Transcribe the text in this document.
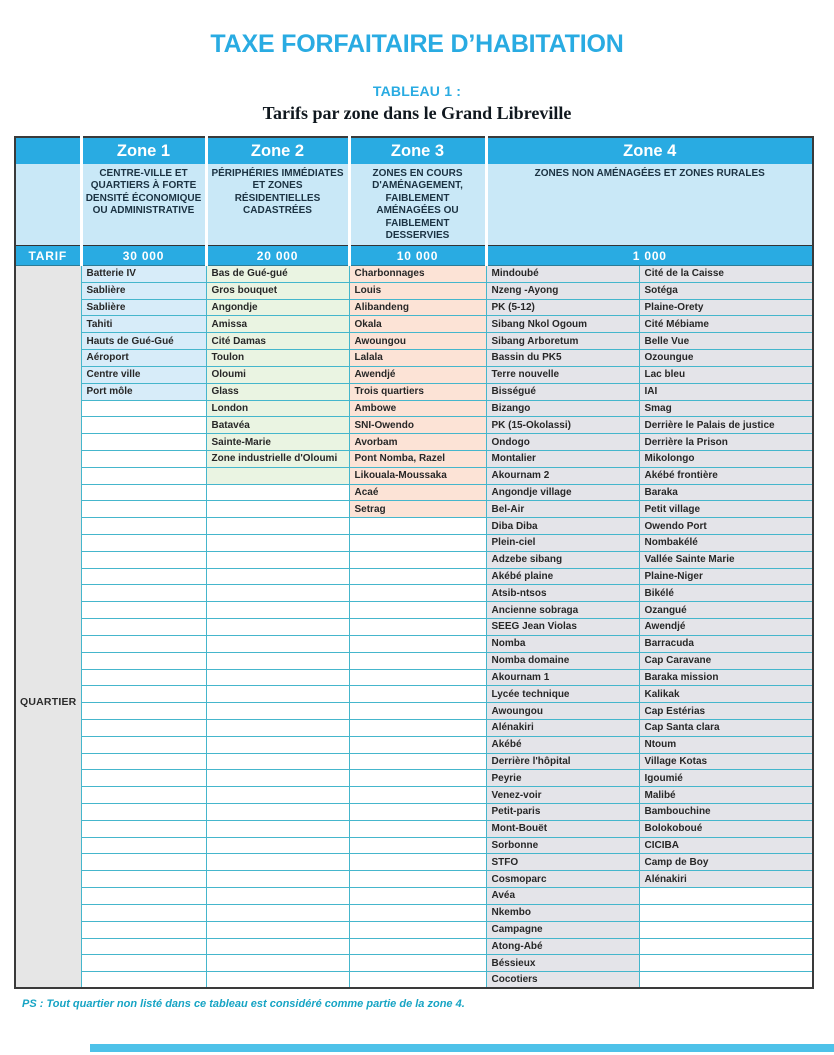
TAXE FORFAITAIRE D’HABITATION
TABLEAU 1 :
Tarifs par zone dans le Grand Libreville
	Zone 1	Zone 2	Zone 3	Zone 4	
	CENTRE-VILLE ET QUARTIERS À FORTE DENSITÉ ÉCONOMIQUE OU ADMINISTRATIVE	PÉRIPHÉRIES IMMÉDIATES ET ZONES RÉSIDENTIELLES CADASTRÉES	ZONES EN COURS D'AMÉNAGEMENT, FAIBLEMENT AMÉNAGÉES OU FAIBLEMENT DESSERVIES	ZONES NON AMÉNAGÉES ET ZONES RURALES	
TARIF	30 000	20 000	10 000	1 000	

QUARTIER	Batterie IV	Bas de Gué-gué	Charbonnages	Mindoubé	Cité de la Caisse
	Sablière	Gros bouquet	Louis	Nzeng -Ayong	Sotéga
	Sablière	Angondje	Alibandeng	PK (5-12)	Plaine-Orety
	Tahiti	Amissa	Okala	Sibang Nkol Ogoum	Cité Mébiame
	Hauts de Gué-Gué	Cité Damas	Awoungou	Sibang Arboretum	Belle Vue
	Aéroport	Toulon	Lalala	Bassin du PK5	Ozoungue
	Centre ville	Oloumi	Awendjé	Terre nouvelle	Lac bleu
	Port môle	Glass	Trois quartiers	Bisségué	IAI
		London	Ambowe	Bizango	Smag
		Batavéa	SNI-Owendo	PK (15-Okolassi)	Derrière le Palais de justice
		Sainte-Marie	Avorbam	Ondogo	Derrière la Prison
		Zone industrielle d'Oloumi	Pont Nomba, Razel	Montalier	Mikolongo
			Likouala-Moussaka	Akournam 2	Akébé frontière
			Acaé	Angondje village	Baraka
			Setrag	Bel-Air	Petit village
				Diba Diba	Owendo Port
				Plein-ciel	Nombakélé
				Adzebe sibang	Vallée Sainte Marie
				Akébé plaine	Plaine-Niger
				Atsib-ntsos	Bikélé
				Ancienne sobraga	Ozangué
				SEEG Jean Violas	Awendjé
				Nomba	Barracuda
				Nomba domaine	Cap Caravane
				Akournam 1	Baraka mission
				Lycée technique	Kalikak
				Awoungou	Cap Estérias
				Alénakiri	Cap Santa clara
				Akébé	Ntoum
				Derrière l'hôpital	Village Kotas
				Peyrie	Igoumié
				Venez-voir	Malibé
				Petit-paris	Bambouchine
				Mont-Bouët	Bolokoboué
				Sorbonne	CICIBA
				STFO	Camp de Boy
				Cosmoparc	Alénakiri
				Avéa	
				Nkembo	
				Campagne	
				Atong-Abé	
				Béssieux	
				Cocotiers	

PS : Tout quartier non listé dans ce tableau est considéré comme partie de la zone 4.
